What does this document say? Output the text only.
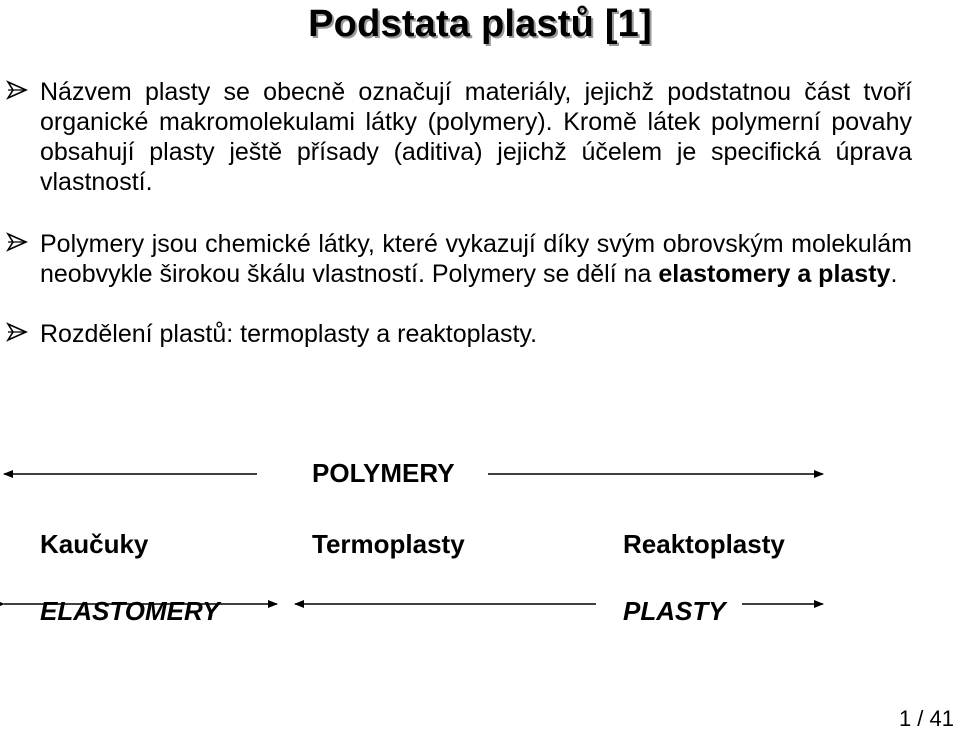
Podstata plastů [1]
Názvem plasty se obecně označují materiály, jejichž podstatnou část tvoří organické makromolekulami látky (polymery). Kromě látek polymerní povahy obsahují plasty ještě přísady (aditiva) jejichž účelem je specifická úprava vlastností.
Polymery jsou chemické látky, které vykazují díky svým obrovským molekulám neobvykle širokou škálu vlastností. Polymery se dělí na elastomery a plasty.
Rozdělení plastů: termoplasty a reaktoplasty.
POLYMERY
Kaučuky	Termoplasty	Reaktoplasty
ELASTOMERY	PLASTY
1 / 41
